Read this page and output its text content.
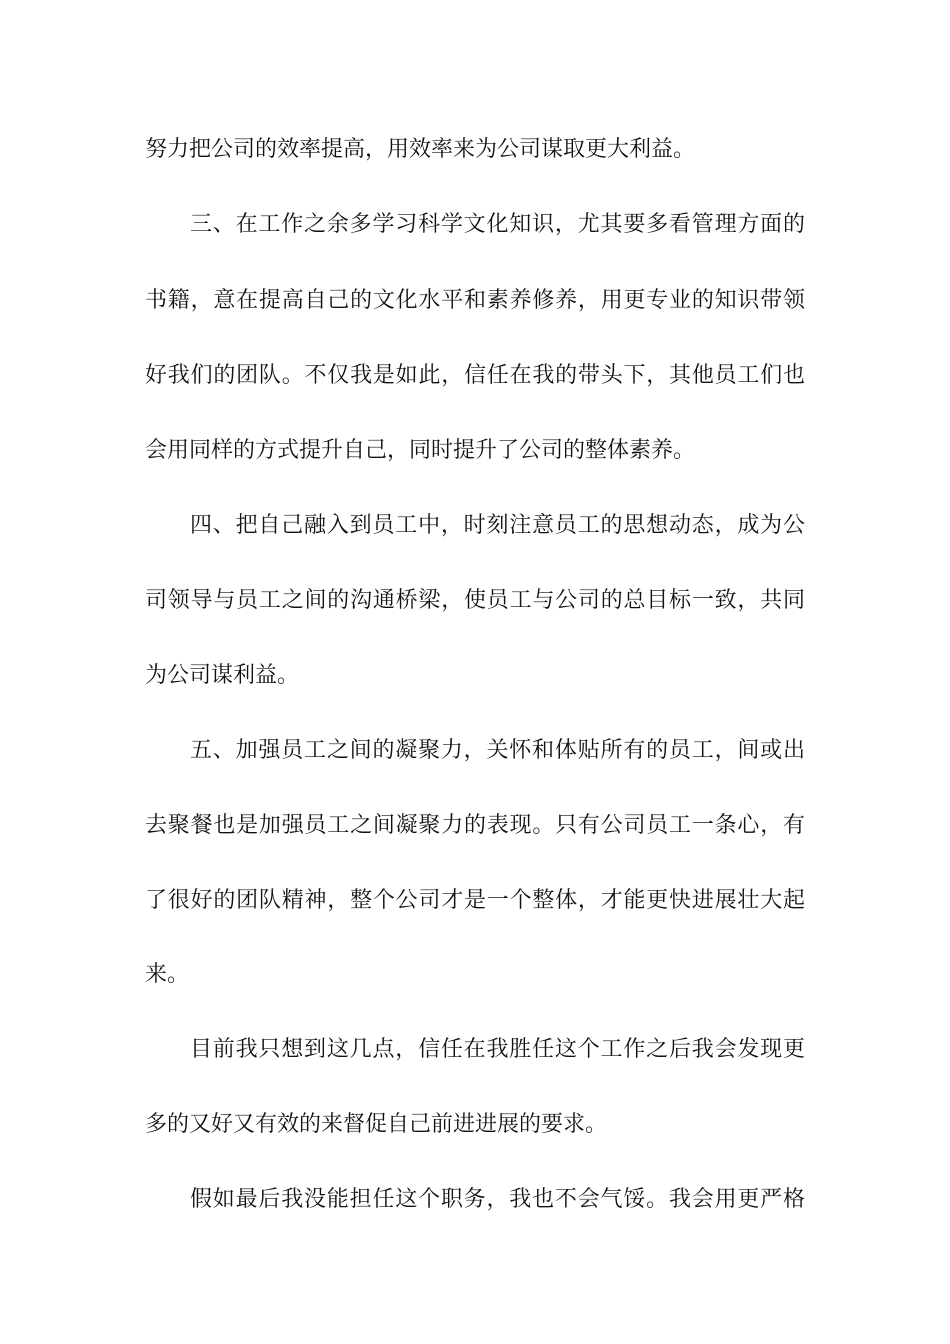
努力把公司的效率提高，用效率来为公司谋取更大利益。
三、在工作之余多学习科学文化知识，尤其要多看管理方面的
书籍，意在提高自己的文化水平和素养修养，用更专业的知识带领
好我们的团队。不仅我是如此，信任在我的带头下，其他员工们也
会用同样的方式提升自己，同时提升了公司的整体素养。
四、把自己融入到员工中，时刻注意员工的思想动态，成为公
司领导与员工之间的沟通桥梁，使员工与公司的总目标一致，共同
为公司谋利益。
五、加强员工之间的凝聚力，关怀和体贴所有的员工，间或出
去聚餐也是加强员工之间凝聚力的表现。只有公司员工一条心，有
了很好的团队精神，整个公司才是一个整体，才能更快进展壮大起
来。
目前我只想到这几点，信任在我胜任这个工作之后我会发现更
多的又好又有效的来督促自己前进进展的要求。
假如最后我没能担任这个职务，我也不会气馁。我会用更严格
